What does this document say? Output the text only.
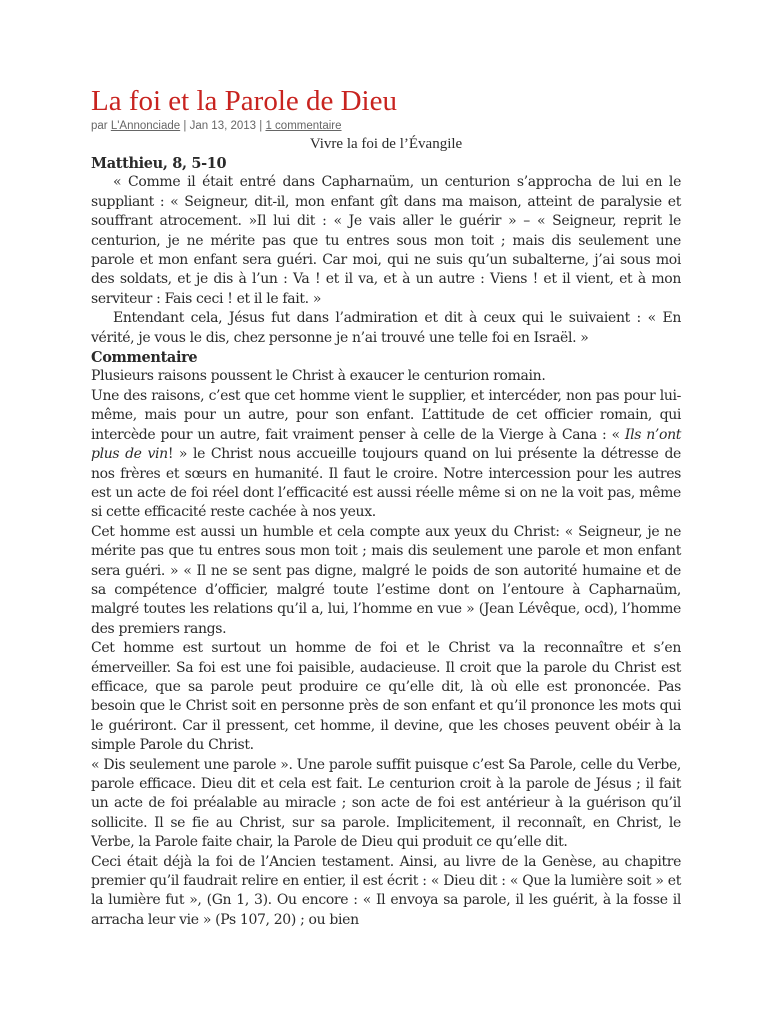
La foi et la Parole de Dieu
par L'Annonciade | Jan 13, 2013 | 1 commentaire
Vivre la foi de l’Évangile

Matthieu, 8, 5-10

« Comme il était entré dans Capharnaüm, un centurion s’approcha de lui en le suppliant : « Seigneur, dit-il, mon enfant gît dans ma maison, atteint de paralysie et souffrant atrocement. »Il lui dit : « Je vais aller le guérir » – « Seigneur, reprit le centurion, je ne mérite pas que tu entres sous mon toit ; mais dis seulement une parole et mon enfant sera guéri. Car moi, qui ne suis qu’un subalterne, j’ai sous moi des soldats, et je dis à l’un : Va ! et il va, et à un autre : Viens ! et il vient, et à mon serviteur : Fais ceci ! et il le fait. »

Entendant cela, Jésus fut dans l’admiration et dit à ceux qui le suivaient : « En vérité, je vous le dis, chez personne je n’ai trouvé une telle foi en Israël. »

Commentaire

Plusieurs raisons poussent le Christ à exaucer le centurion romain.

Une des raisons, c’est que cet homme vient le supplier, et intercéder, non pas pour lui-même, mais pour un autre, pour son enfant. L’attitude de cet officier romain, qui intercède pour un autre, fait vraiment penser à celle de la Vierge à Cana : « Ils n’ont plus de vin! » le Christ nous accueille toujours quand on lui présente la détresse de nos frères et sœurs en humanité. Il faut le croire. Notre intercession pour les autres est un acte de foi réel dont l’efficacité est aussi réelle même si on ne la voit pas, même si cette efficacité reste cachée à nos yeux.

Cet homme est aussi un humble et cela compte aux yeux du Christ: « Seigneur, je ne mérite pas que tu entres sous mon toit ; mais dis seulement une parole et mon enfant sera guéri. » « Il ne se sent pas digne, malgré le poids de son autorité humaine et de sa compétence d’officier, malgré toute l’estime dont on l’entoure à Capharnaüm, malgré toutes les relations qu’il a, lui, l’homme en vue » (Jean Lévêque, ocd), l’homme des premiers rangs.

Cet homme est surtout un homme de foi et le Christ va la reconnaître et s’en émerveiller. Sa foi est une foi paisible, audacieuse. Il croit que la parole du Christ est efficace, que sa parole peut produire ce qu’elle dit, là où elle est prononcée. Pas besoin que le Christ soit en personne près de son enfant et qu’il prononce les mots qui le guériront. Car il pressent, cet homme, il devine, que les choses peuvent obéir à la simple Parole du Christ.

« Dis seulement une parole ». Une parole suffit puisque c’est Sa Parole, celle du Verbe, parole efficace. Dieu dit et cela est fait. Le centurion croit à la parole de Jésus ; il fait un acte de foi préalable au miracle ; son acte de foi est antérieur à la guérison qu’il sollicite. Il se fie au Christ, sur sa parole. Implicitement, il reconnaît, en Christ, le Verbe, la Parole faite chair, la Parole de Dieu qui produit ce qu’elle dit.

Ceci était déjà la foi de l’Ancien testament. Ainsi, au livre de la Genèse, au chapitre premier qu’il faudrait relire en entier, il est écrit : « Dieu dit : « Que la lumière soit » et la lumière fut », (Gn 1, 3). Ou encore : « Il envoya sa parole, il les guérit, à la fosse il arracha leur vie » (Ps 107, 20) ; ou bien
